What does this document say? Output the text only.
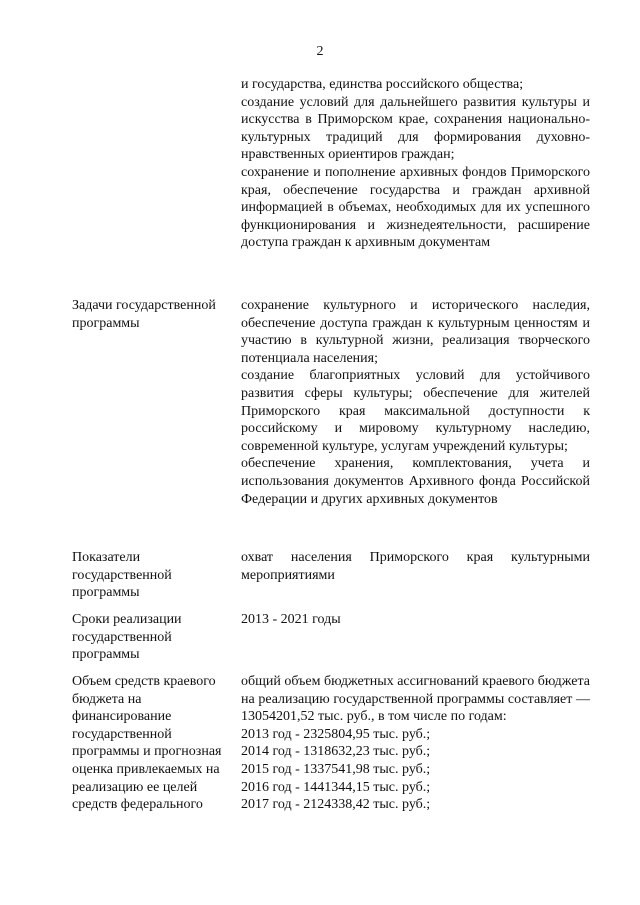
2
и государства, единства российского общества;
создание условий для дальнейшего развития культуры и искусства в Приморском крае, сохранения национально-культурных традиций для формирования духовно-нравственных ориентиров граждан;
сохранение и пополнение архивных фондов Приморского края, обеспечение государства и граждан архивной информацией в объемах, необходимых для их успешного функционирования и жизнедеятельности, расширение доступа граждан к архивным документам
Задачи государственной программы
сохранение культурного и исторического наследия, обеспечение доступа граждан к культурным ценностям и участию в культурной жизни, реализация творческого потенциала населения;
создание благоприятных условий для устойчивого развития сферы культуры; обеспечение для жителей Приморского края максимальной доступности к российскому и мировому культурному наследию, современной культуре, услугам учреждений культуры;
обеспечение хранения, комплектования, учета и использования документов Архивного фонда Российской Федерации и других архивных документов
Показатели государственной программы
охват населения Приморского края культурными мероприятиями
Сроки реализации государственной программы
2013 - 2021 годы
Объем средств краевого бюджета на финансирование государственной программы и прогнозная оценка привлекаемых на реализацию ее целей средств федерального
общий объем бюджетных ассигнований краевого бюджета на реализацию государственной программы составляет — 13054201,52 тыс. руб., в том числе по годам:
2013 год - 2325804,95 тыс. руб.;
2014 год - 1318632,23 тыс. руб.;
2015 год - 1337541,98 тыс. руб.;
2016 год - 1441344,15 тыс. руб.;
2017 год - 2124338,42 тыс. руб.;
